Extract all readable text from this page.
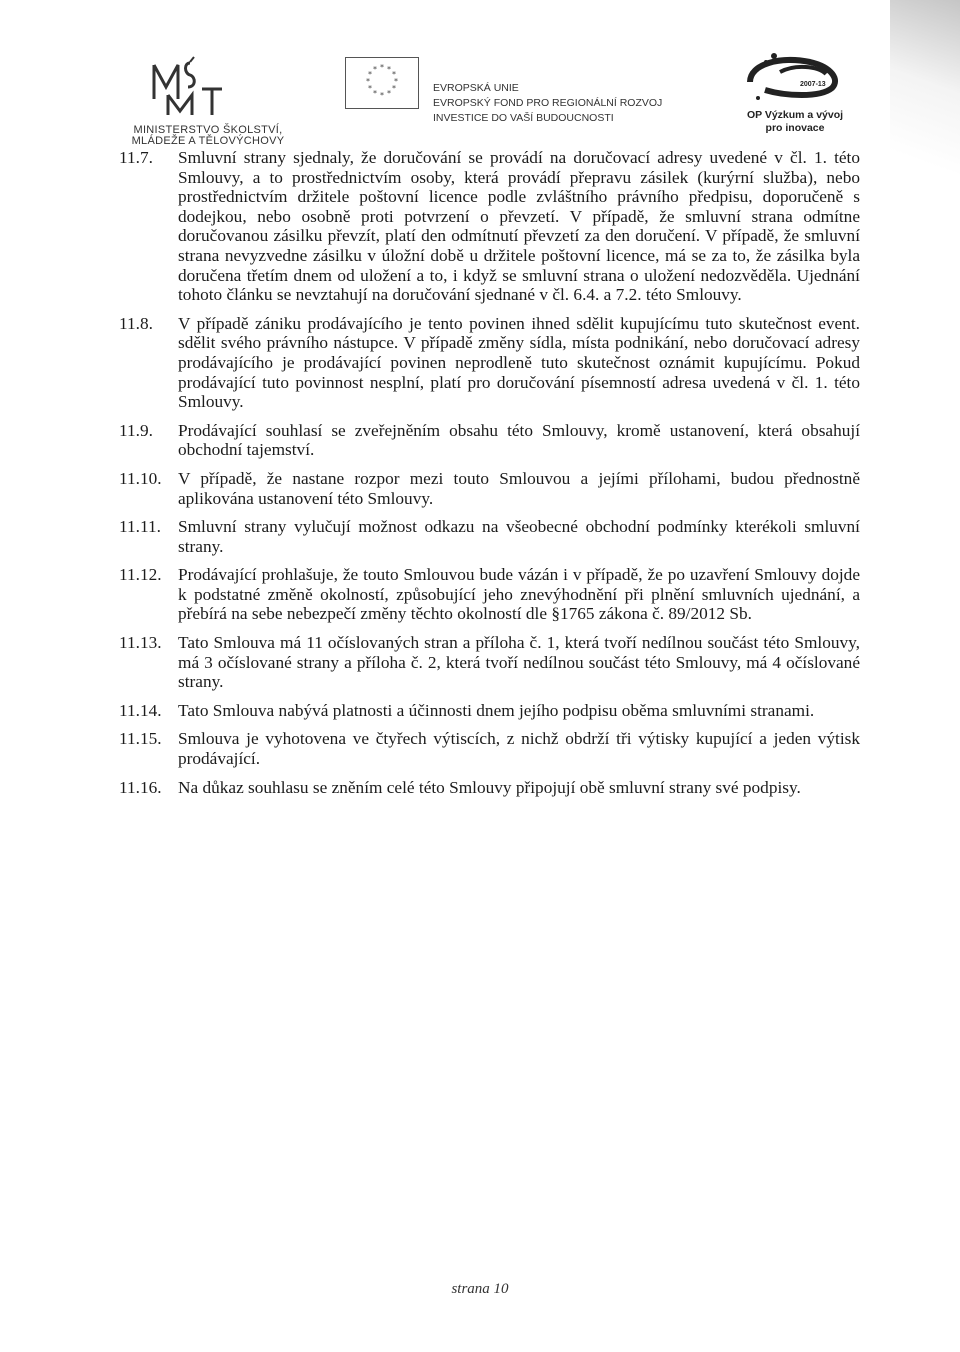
MINISTERSTVO ŠKOLSTVÍ,
MLÁDEŽE A TĚLOVÝCHOVY
* *
*
*
*
*
*
*
*
*
*
*
EVROPSKÁ UNIE
EVROPSKÝ FOND PRO REGIONÁLNÍ ROZVOJ
INVESTICE DO VAŠÍ BUDOUCNOSTI
2007-13
OP Výzkum a vývoj
pro inovace
11.7. Smluvní strany sjednaly, že doručování se provádí na doručovací adresy uvedené v čl. 1. této Smlouvy, a to prostřednictvím osoby, která provádí přepravu zásilek (kurýrní služba), nebo prostřednictvím držitele poštovní licence podle zvláštního právního předpisu, doporučeně s dodejkou, nebo osobně proti potvrzení o převzetí. V případě, že smluvní strana odmítne doručovanou zásilku převzít, platí den odmítnutí převzetí za den doručení. V případě, že smluvní strana nevyzvedne zásilku v úložní době u držitele poštovní licence, má se za to, že zásilka byla doručena třetím dnem od uložení a to, i když se smluvní strana o uložení nedozvěděla. Ujednání tohoto článku se nevztahují na doručování sjednané v čl. 6.4. a 7.2. této Smlouvy.
11.8. V případě zániku prodávajícího je tento povinen ihned sdělit kupujícímu tuto skutečnost event. sdělit svého právního nástupce. V případě změny sídla, místa podnikání, nebo doručovací adresy prodávajícího je prodávající povinen neprodleně tuto skutečnost oznámit kupujícímu. Pokud prodávající tuto povinnost nesplní, platí pro doručování písemností adresa uvedená v čl. 1. této Smlouvy.
11.9. Prodávající souhlasí se zveřejněním obsahu této Smlouvy, kromě ustanovení, která obsahují obchodní tajemství.
11.10. V případě, že nastane rozpor mezi touto Smlouvou a jejími přílohami, budou přednostně aplikována ustanovení této Smlouvy.
11.11. Smluvní strany vylučují možnost odkazu na všeobecné obchodní podmínky kterékoli smluvní strany.
11.12. Prodávající prohlašuje, že touto Smlouvou bude vázán i v případě, že po uzavření Smlouvy dojde k podstatné změně okolností, způsobující jeho znevýhodnění při plnění smluvních ujednání, a přebírá na sebe nebezpečí změny těchto okolností dle §1765 zákona č. 89/2012 Sb.
11.13. Tato Smlouva má 11 očíslovaných stran a příloha č. 1, která tvoří nedílnou součást této Smlouvy, má 3 očíslované strany a příloha č. 2, která tvoří nedílnou součást této Smlouvy, má 4 očíslované strany.
11.14. Tato Smlouva nabývá platnosti a účinnosti dnem jejího podpisu oběma smluvními stranami.
11.15. Smlouva je vyhotovena ve čtyřech výtiscích, z nichž obdrží tři výtisky kupující a jeden výtisk prodávající.
11.16. Na důkaz souhlasu se zněním celé této Smlouvy připojují obě smluvní strany své podpisy.
strana 10
